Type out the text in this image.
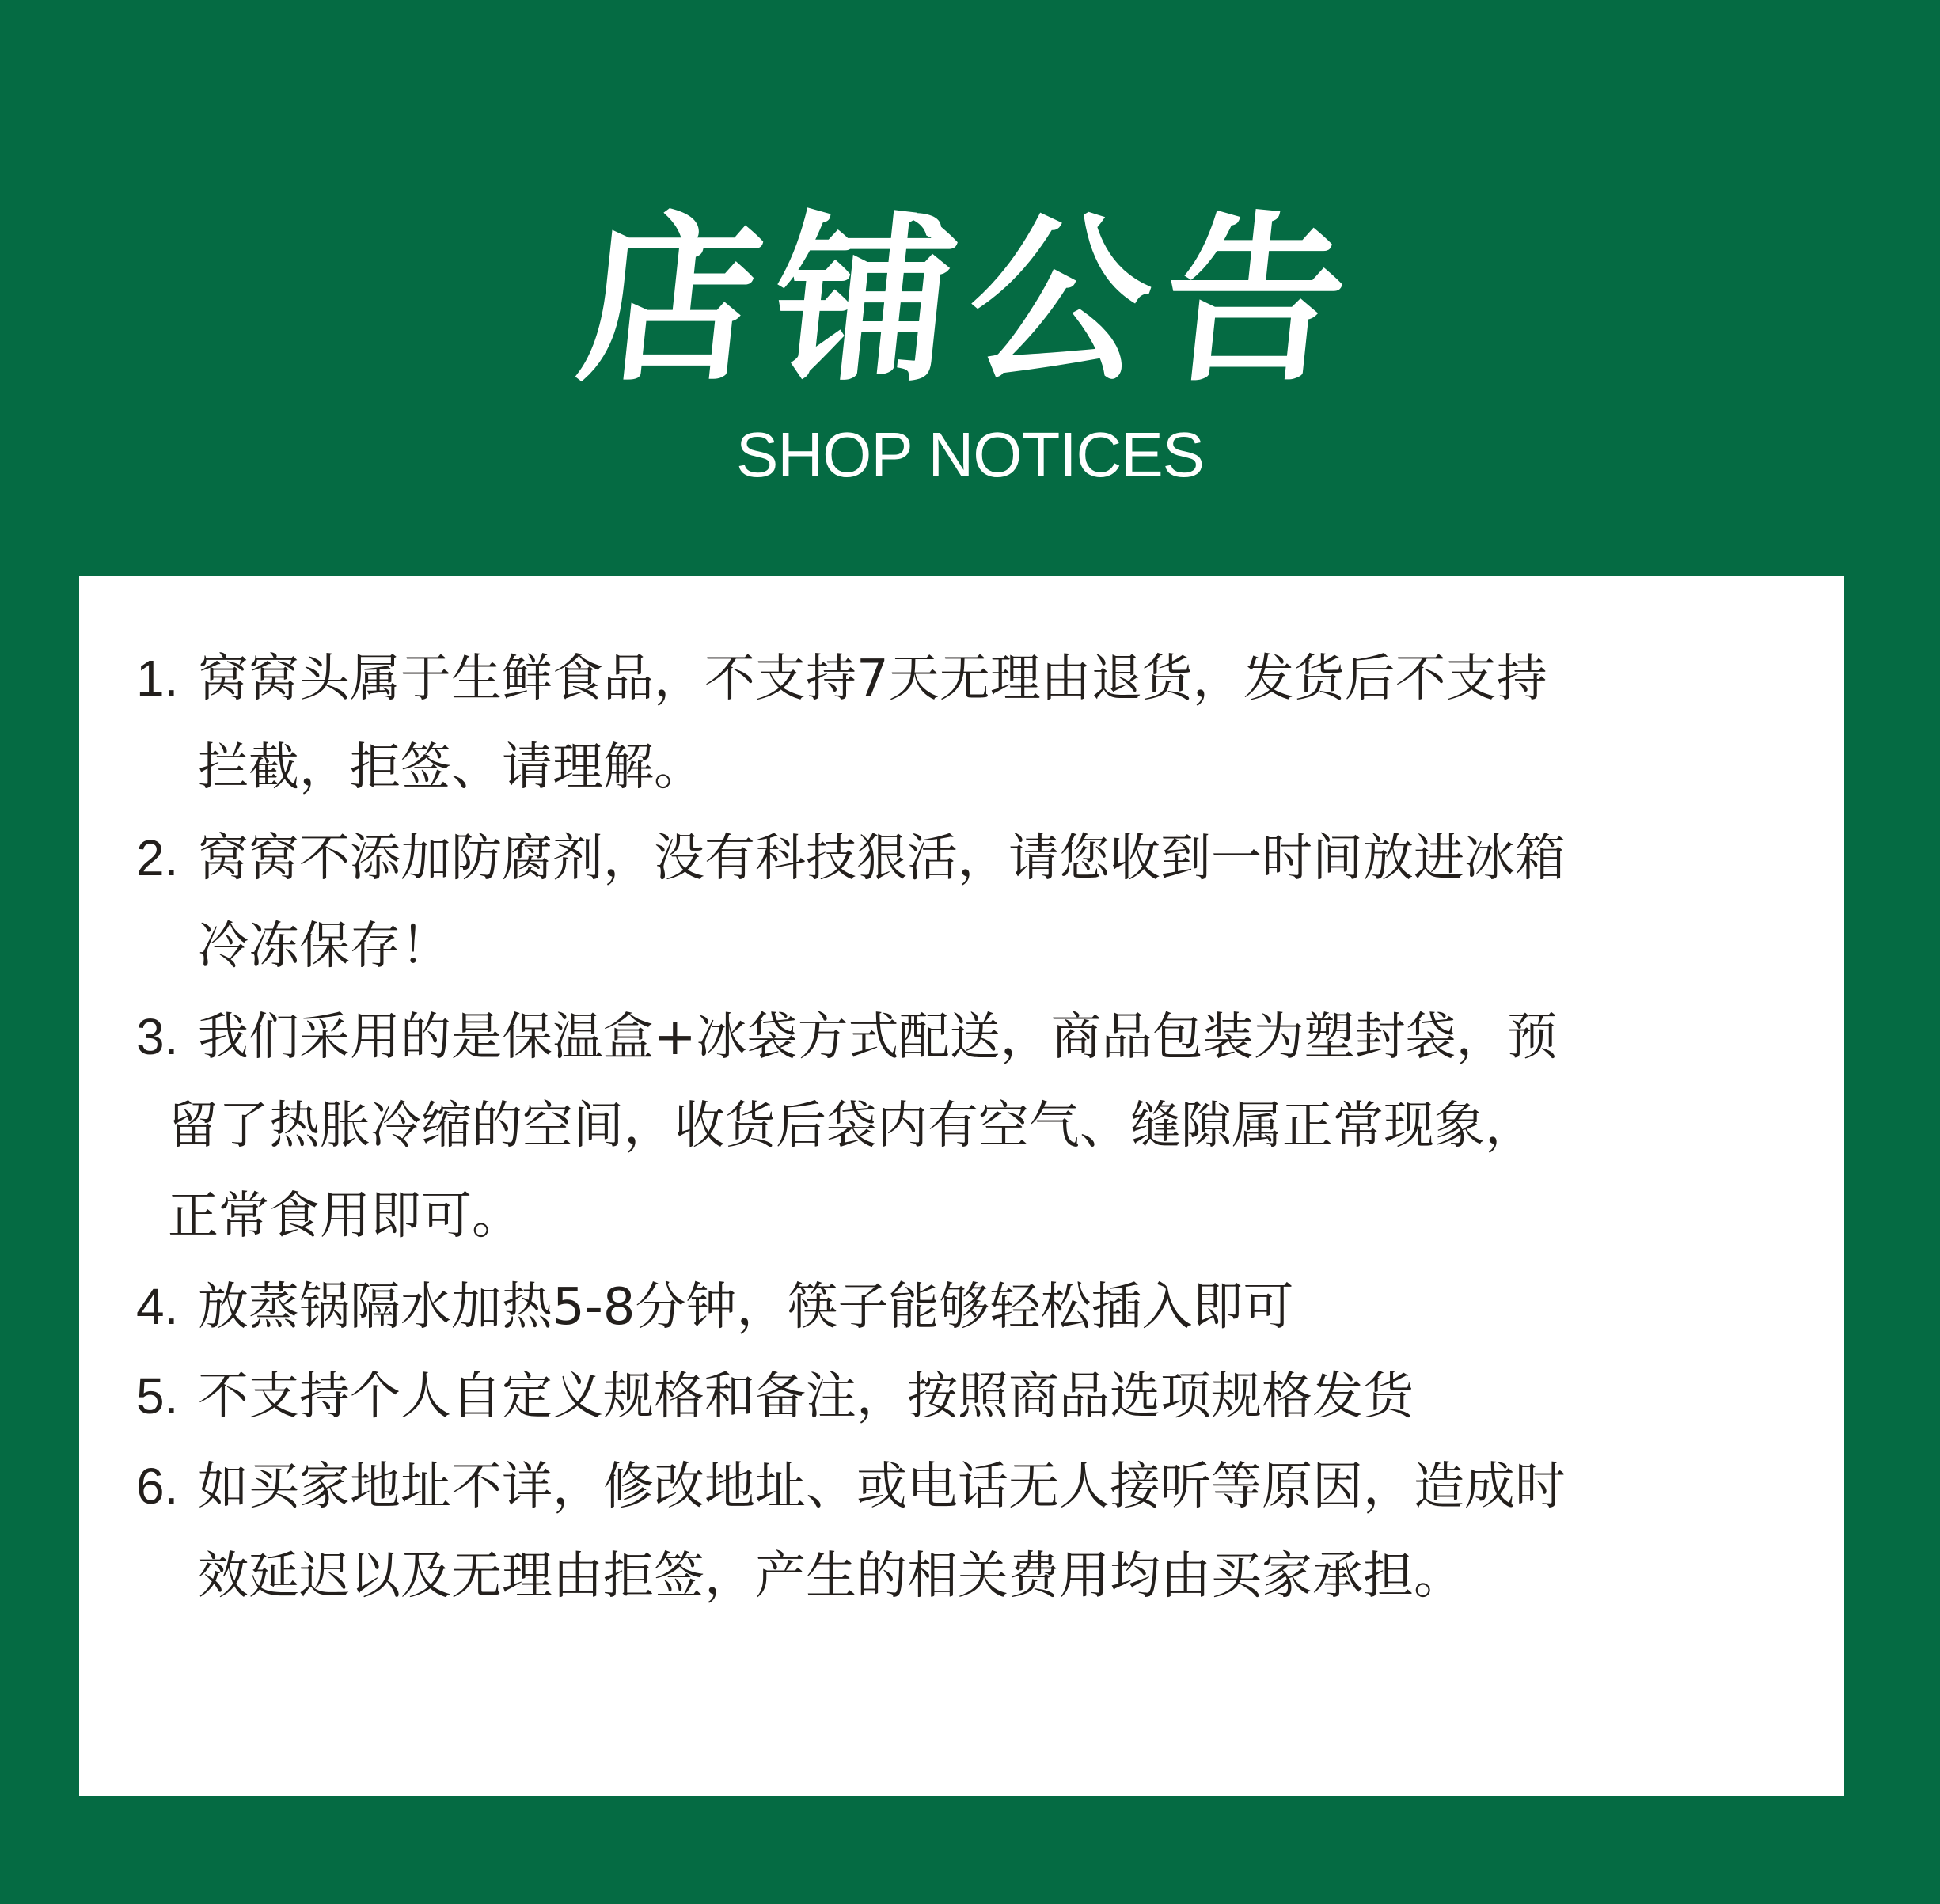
店铺公告
SHOP NOTICES
1. 窝窝头属于生鲜食品，不支持7天无理由退货，发货后不支持
拦截，拒签、请理解。
2. 窝窝不添加防腐剂，没有科技狠活，请您收到一时间放进冰箱
冷冻保存！
3. 我们采用的是保温盒+冰袋方式配送，商品包装为塑封袋，预
留了热胀冷缩的空间，收货后袋内有空气、缝隙属正常现象，
正常食用即可。
4. 放蒸锅隔水加热5-8分钟，筷子能够轻松插入即可
5. 不支持个人自定义规格和备注，按照商品选项规格发货
6. 如买家地址不详，修改地址、或电话无人接听等原因，造成时
效延迟以及无理由拒签，产生的相关费用均由买家承担。
